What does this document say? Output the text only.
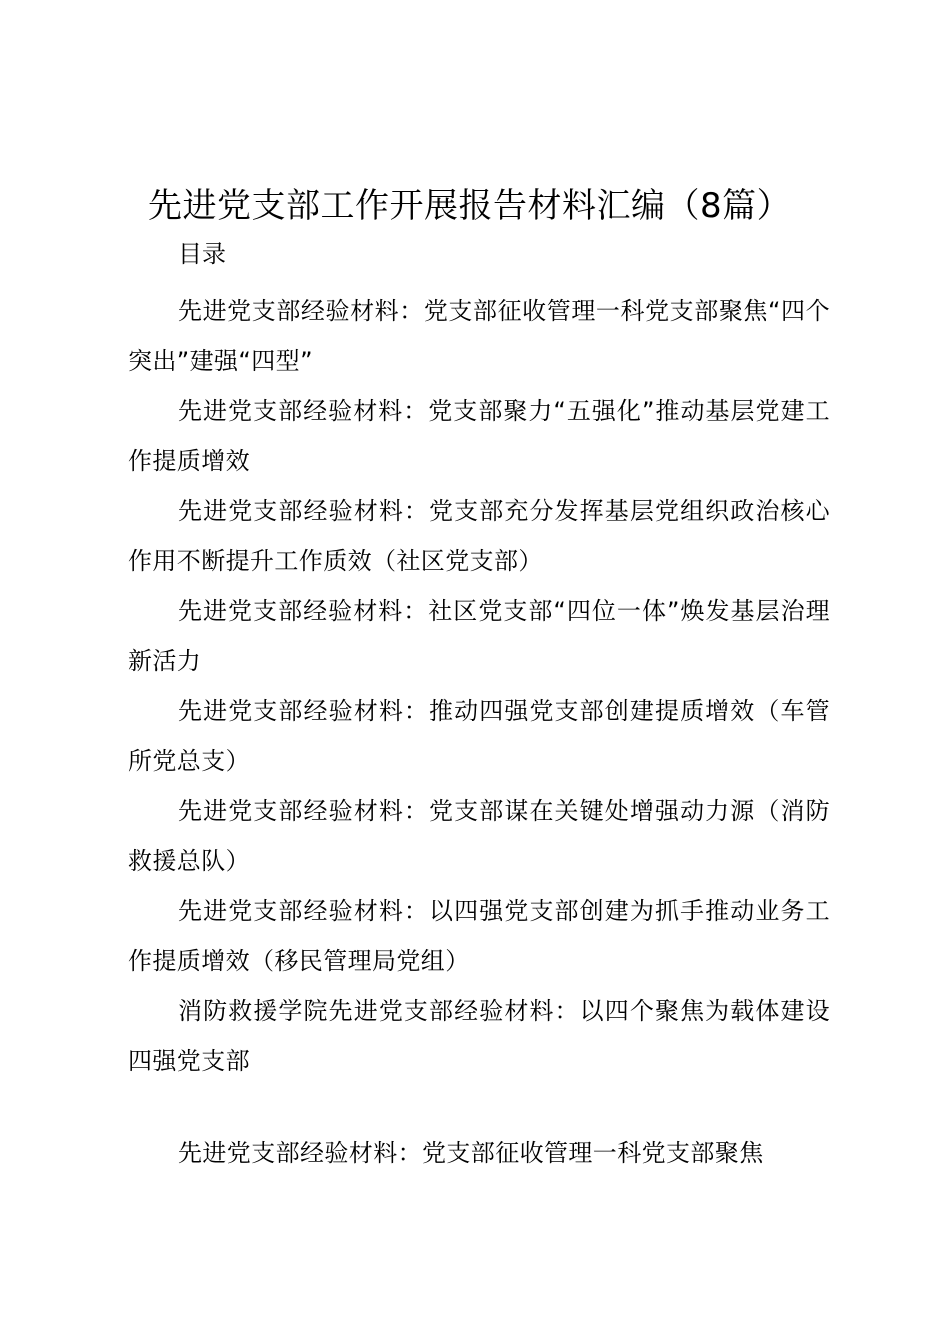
先进党支部工作开展报告材料汇编（8篇）
目录

先进党支部经验材料：党支部征收管理一科党支部聚焦“四个突出”建强“四型”

先进党支部经验材料：党支部聚力“五强化”推动基层党建工作提质增效

先进党支部经验材料：党支部充分发挥基层党组织政治核心作用不断提升工作质效（社区党支部）

先进党支部经验材料：社区党支部“四位一体”焕发基层治理新活力

先进党支部经验材料：推动四强党支部创建提质增效（车管所党总支）

先进党支部经验材料：党支部谋在关键处增强动力源（消防救援总队）

先进党支部经验材料：以四强党支部创建为抓手推动业务工作提质增效（移民管理局党组）

消防救援学院先进党支部经验材料：以四个聚焦为载体建设四强党支部

先进党支部经验材料：党支部征收管理一科党支部聚焦
